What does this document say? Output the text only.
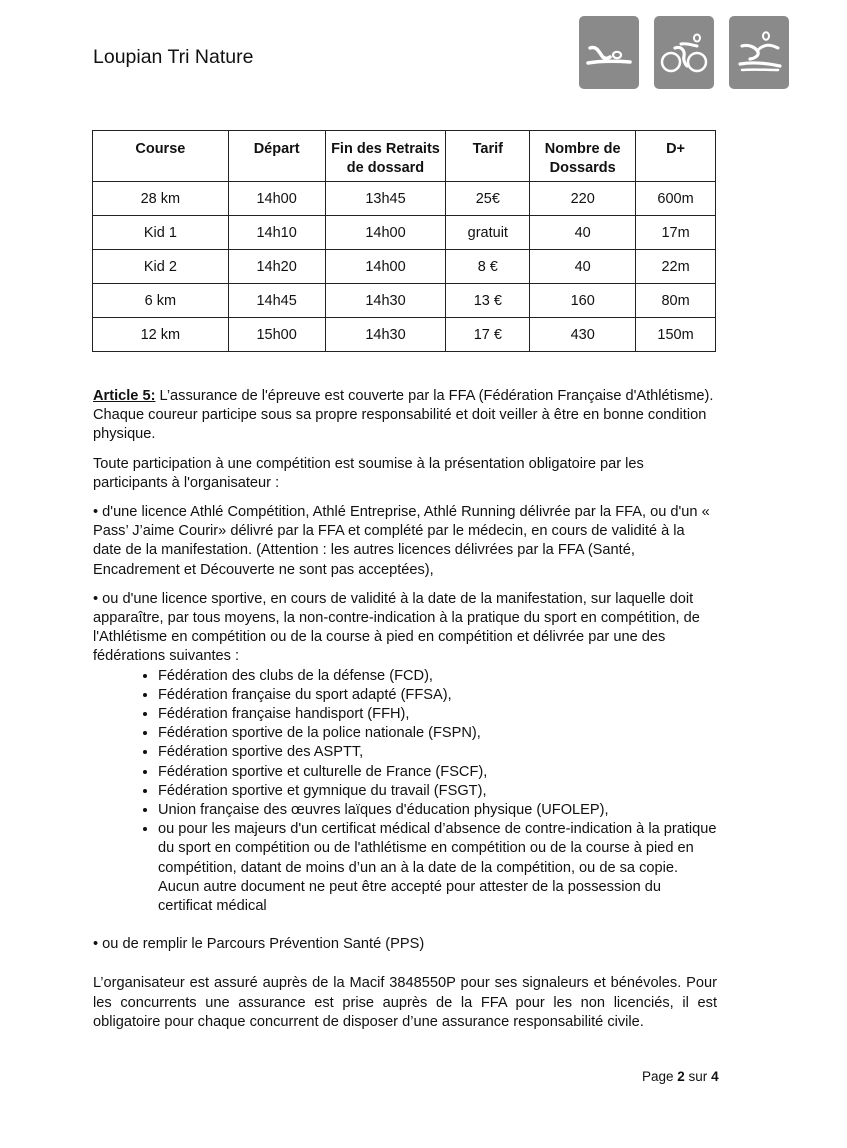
Loupian Tri Nature
Course	Départ	Fin des Retraits de dossard	Tarif	Nombre de Dossards	D+
28 km	14h00	13h45	25€	220	600m
Kid 1	14h10	14h00	gratuit	40	17m
Kid 2	14h20	14h00	8 €	40	22m
6 km	14h45	14h30	13 €	160	80m
12 km	15h00	14h30	17 €	430	150m

Article 5: L’assurance de l'épreuve est couverte par la FFA (Fédération Française d'Athlétisme). Chaque coureur participe sous sa propre responsabilité et doit veiller à être en bonne condition physique.

Toute participation à une compétition est soumise à la présentation obligatoire par les participants à l'organisateur :

• d'une licence Athlé Compétition, Athlé Entreprise, Athlé Running délivrée par la FFA, ou d'un « Pass’ J’aime Courir» délivré par la FFA et complété par le médecin, en cours de validité à la date de la manifestation. (Attention : les autres licences délivrées par la FFA (Santé, Encadrement et Découverte ne sont pas acceptées),

• ou d'une licence sportive, en cours de validité à la date de la manifestation, sur laquelle doit apparaître, par tous moyens, la non-contre-indication à la pratique du sport en compétition, de l'Athlétisme en compétition ou de la course à pied en compétition et délivrée par une des fédérations suivantes :

• Fédération des clubs de la défense (FCD),
• Fédération française du sport adapté (FFSA),
• Fédération française handisport (FFH),
• Fédération sportive de la police nationale (FSPN),
• Fédération sportive des ASPTT,
• Fédération sportive et culturelle de France (FSCF),
• Fédération sportive et gymnique du travail (FSGT),
• Union française des œuvres laïques d'éducation physique (UFOLEP),
• ou pour les majeurs d'un certificat médical d’absence de contre-indication à la pratique du sport en compétition ou de l'athlétisme en compétition ou de la course à pied en compétition, datant de moins d’un an à la date de la compétition, ou de sa copie. Aucun autre document ne peut être accepté pour attester de la possession du certificat médical

• ou de remplir le Parcours Prévention Santé (PPS)

L’organisateur est assuré auprès de la Macif 3848550P pour ses signaleurs et bénévoles. Pour les concurrents une assurance est prise auprès de la FFA pour les non licenciés, il est obligatoire pour chaque concurrent de disposer d’une assurance responsabilité civile.

Page 2 sur 4
